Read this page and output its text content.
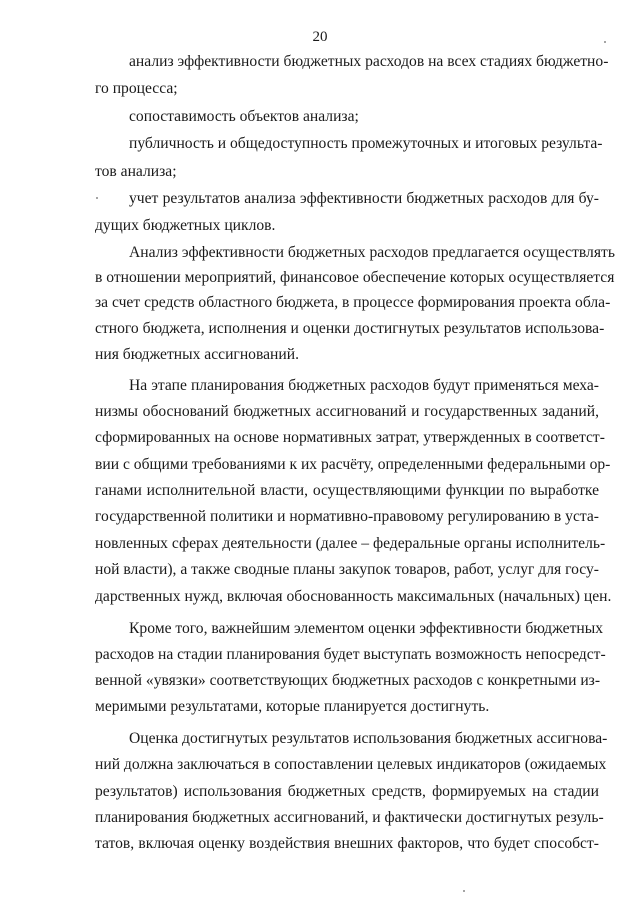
20
анализ эффективности бюджетных расходов на всех стадиях бюджетно-
го процесса;
сопоставимость объектов анализа;
публичность и общедоступность промежуточных и итоговых результа-
тов анализа;
учет результатов анализа эффективности бюджетных расходов для бу-
дущих бюджетных циклов.
Анализ эффективности бюджетных расходов предлагается осуществлять
в отношении мероприятий, финансовое обеспечение которых осуществляется
за счет средств областного бюджета, в процессе формирования проекта обла-
стного бюджета, исполнения и оценки достигнутых результатов использова-
ния бюджетных ассигнований.
На этапе планирования бюджетных расходов будут применяться меха-
низмы обоснований бюджетных ассигнований и государственных заданий,
сформированных на основе нормативных затрат, утвержденных в соответст-
вии с общими требованиями к их расчёту, определенными федеральными ор-
ганами исполнительной власти, осуществляющими функции по выработке
государственной политики и нормативно-правовому регулированию в уста-
новленных сферах деятельности (далее – федеральные органы исполнитель-
ной власти), а также сводные планы закупок товаров, работ, услуг для госу-
дарственных нужд, включая обоснованность максимальных (начальных) цен.
Кроме того, важнейшим элементом оценки эффективности бюджетных
расходов на стадии планирования будет выступать возможность непосредст-
венной «увязки» соответствующих бюджетных расходов с конкретными из-
меримыми результатами, которые планируется достигнуть.
Оценка достигнутых результатов использования бюджетных ассигнова-
ний должна заключаться в сопоставлении целевых индикаторов (ожидаемых
результатов) использования бюджетных средств, формируемых на стадии
планирования бюджетных ассигнований, и фактически достигнутых резуль-
татов, включая оценку воздействия внешних факторов, что будет способст-
